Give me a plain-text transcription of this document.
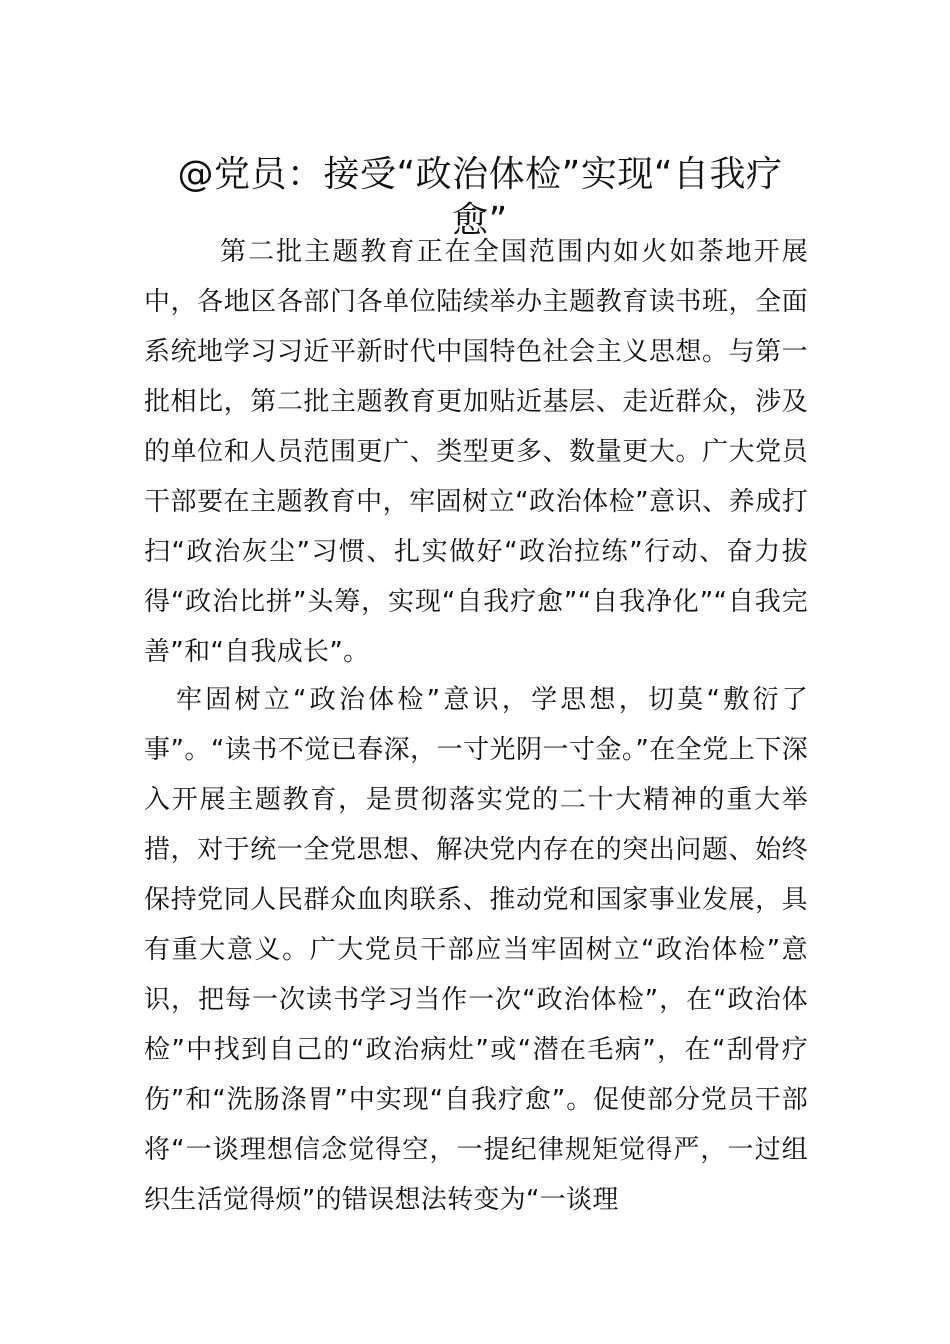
@党员：接受“政治体检”实现“自我疗愈”

第二批主题教育正在全国范围内如火如荼地开展中，各地区各部门各单位陆续举办主题教育读书班，全面系统地学习习近平新时代中国特色社会主义思想。与第一批相比，第二批主题教育更加贴近基层、走近群众，涉及的单位和人员范围更广、类型更多、数量更大。广大党员干部要在主题教育中，牢固树立“政治体检”意识、养成打扫“政治灰尘”习惯、扎实做好“政治拉练”行动、奋力拔得“政治比拼”头筹，实现“自我疗愈”“自我净化”“自我完善”和“自我成长”。

牢固树立“政治体检”意识，学思想，切莫“敷衍了事”。“读书不觉已春深，一寸光阴一寸金。”在全党上下深入开展主题教育，是贯彻落实党的二十大精神的重大举措，对于统一全党思想、解决党内存在的突出问题、始终保持党同人民群众血肉联系、推动党和国家事业发展，具有重大意义。广大党员干部应当牢固树立“政治体检”意识，把每一次读书学习当作一次“政治体检”，在“政治体检”中找到自己的“政治病灶”或“潜在毛病”，在“刮骨疗伤”和“洗肠涤胃”中实现“自我疗愈”。促使部分党员干部将“一谈理想信念觉得空，一提纪律规矩觉得严，一过组织生活觉得烦”的错误想法转变为“一谈理
